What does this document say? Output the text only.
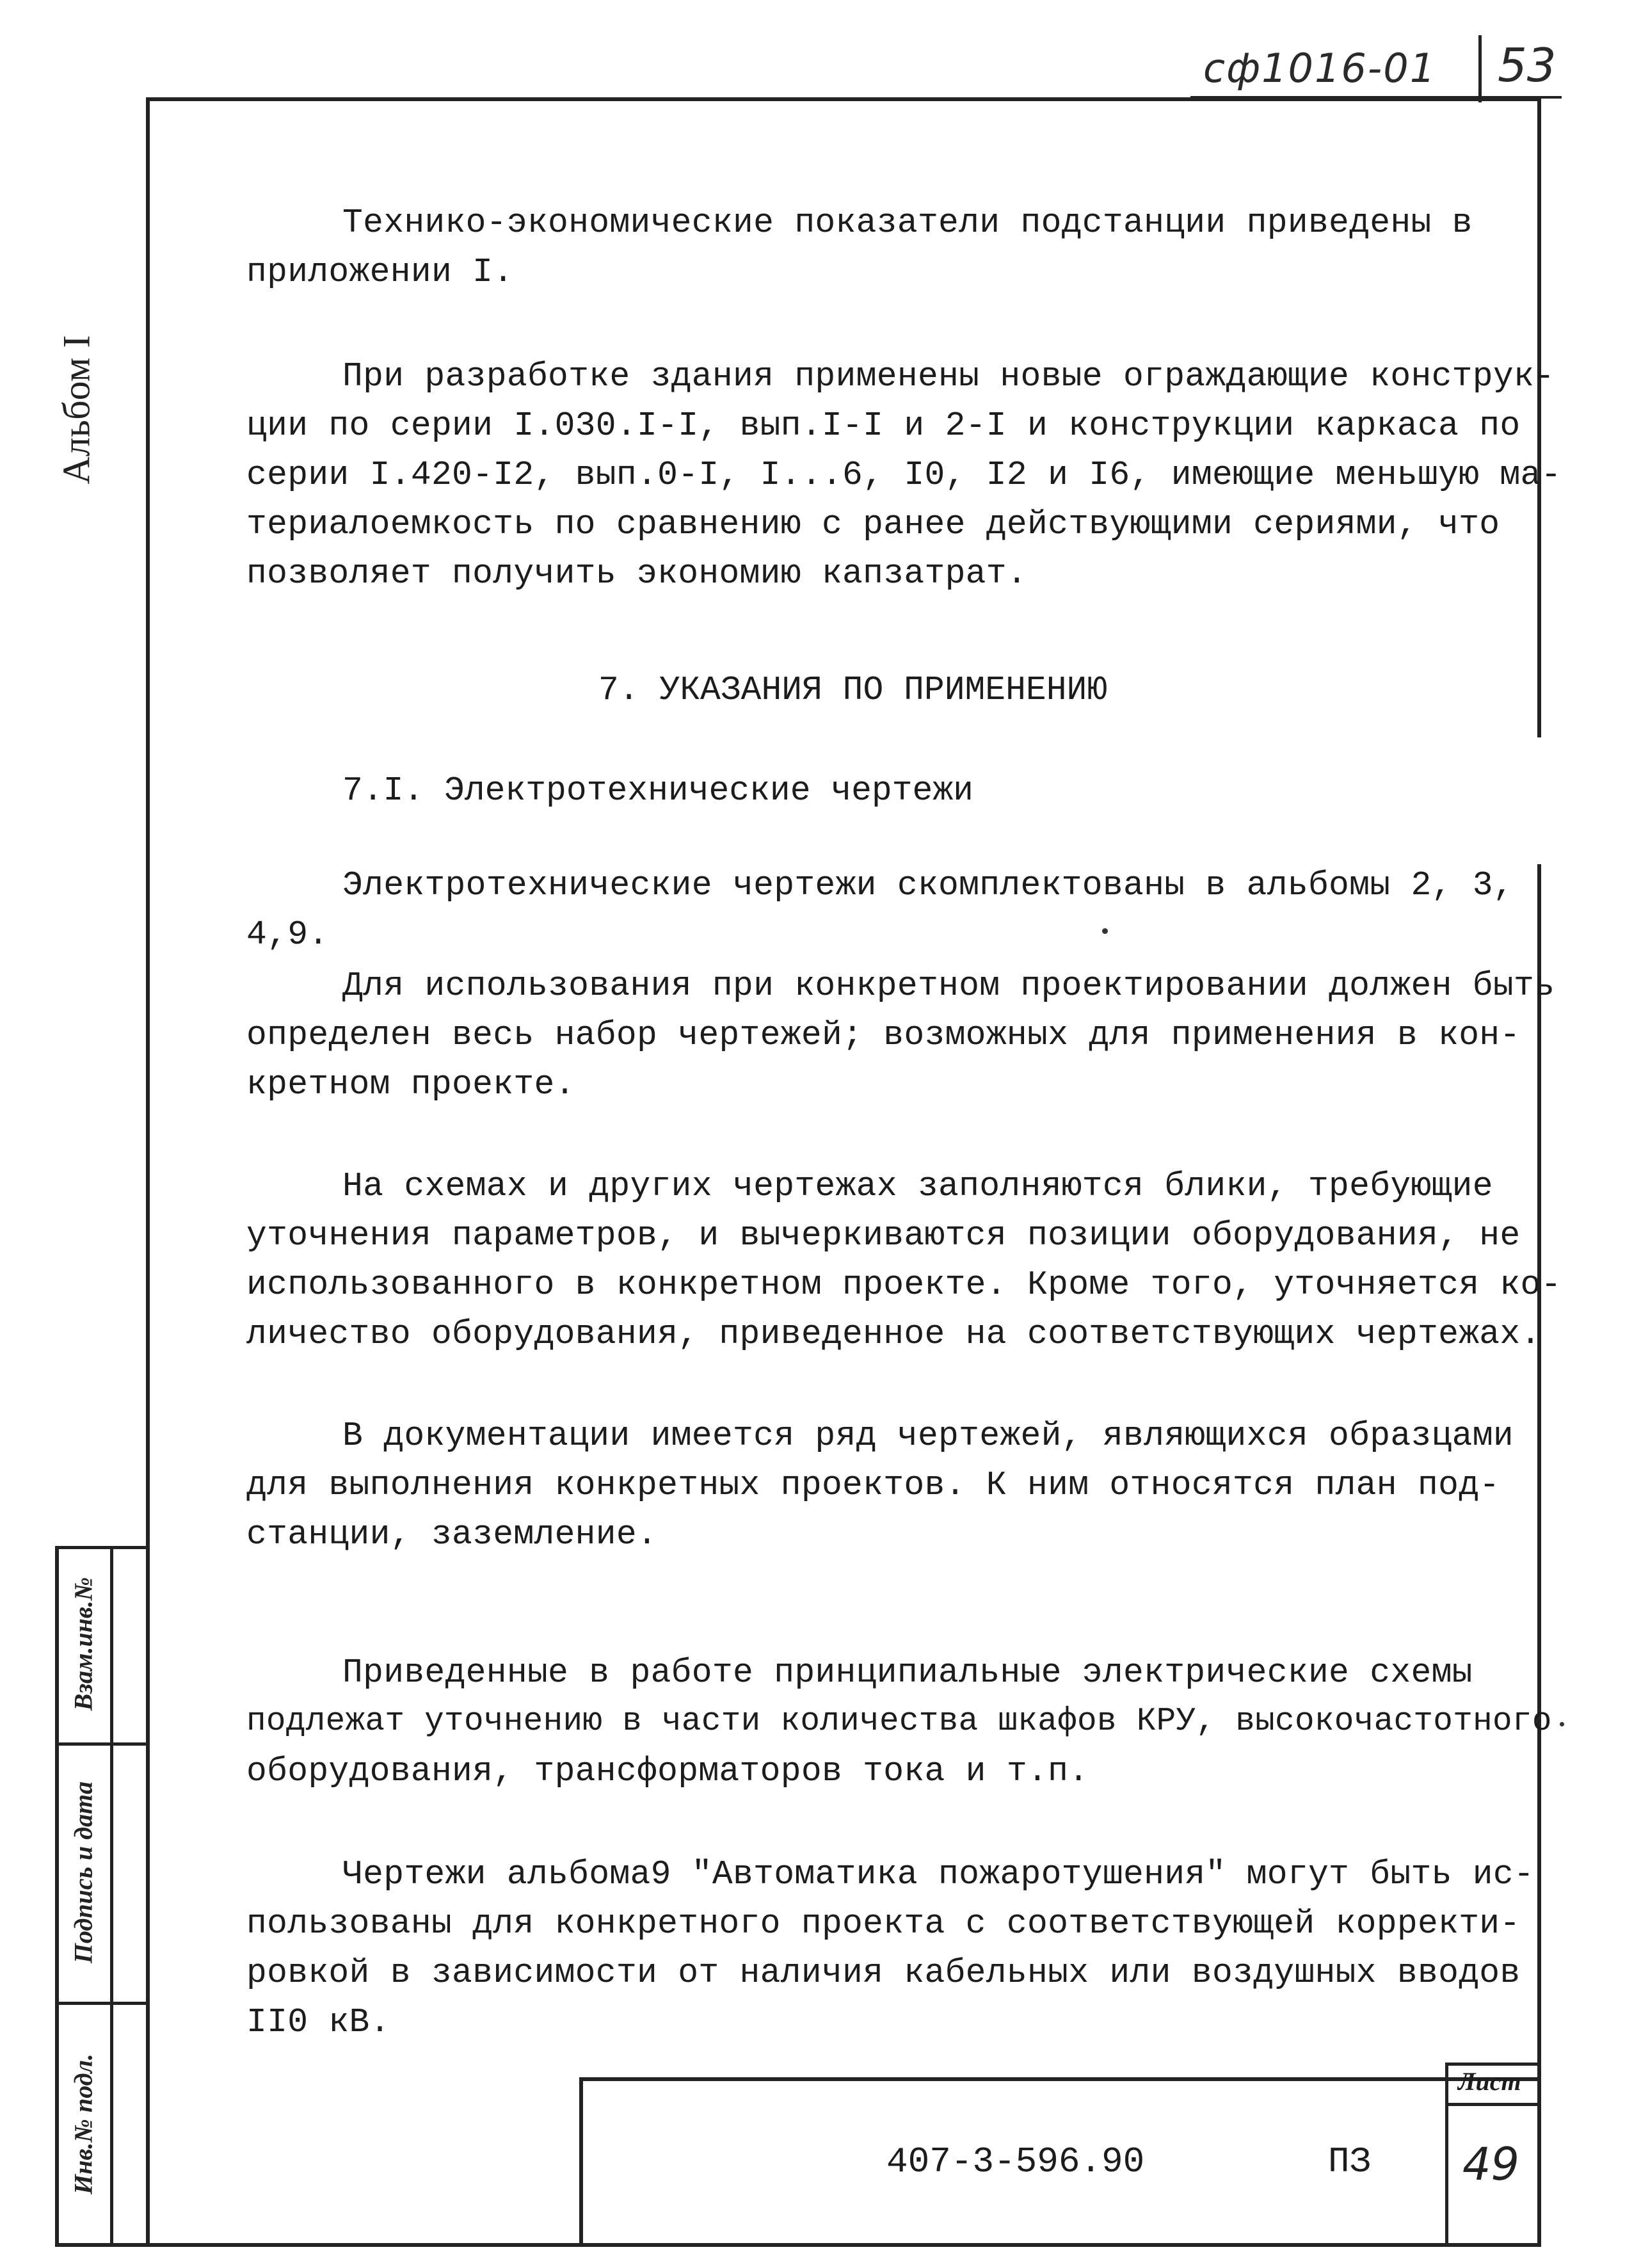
сф1016-01 53
Альбом I
Взам.инв.№
Подпись и дата
Инв.№ подл.
Технико-экономические показатели подстанции приведены в
приложении I.
При разработке здания применены новые ограждающие конструк-
ции по серии I.030.I-I, вып.I-I и 2-I и конструкции каркаса по
серии I.420-I2, вып.0-I, I...6, I0, I2 и I6, имеющие меньшую ма-
териалоемкость по сравнению с ранее действующими сериями, что
позволяет получить экономию капзатрат.
7. УКАЗАНИЯ ПО ПРИМЕНЕНИЮ
7.I. Электротехнические чертежи
Электротехнические чертежи скомплектованы в альбомы 2, 3,
4,9.
Для использования при конкретном проектировании должен быть
определен весь набор чертежей; возможных для применения в кон-
кретном проекте.
На схемах и других чертежах заполняются блики, требующие
уточнения параметров, и вычеркиваются позиции оборудования, не
использованного в конкретном проекте. Кроме того, уточняется ко-
личество оборудования, приведенное на соответствующих чертежах.
В документации имеется ряд чертежей, являющихся образцами
для выполнения конкретных проектов. К ним относятся план под-
станции, заземление.
Приведенные в работе принципиальные электрические схемы
подлежат уточнению в части количества шкафов КРУ, высокочастотного
оборудования, трансформаторов тока и т.п.
Чертежи альбома9 "Автоматика пожаротушения" могут быть ис-
пользованы для конкретного проекта с соответствующей корректи-
ровкой в зависимости от наличия кабельных или воздушных вводов
II0 кВ.
407-3-596.90	ПЗ
Лист
49
